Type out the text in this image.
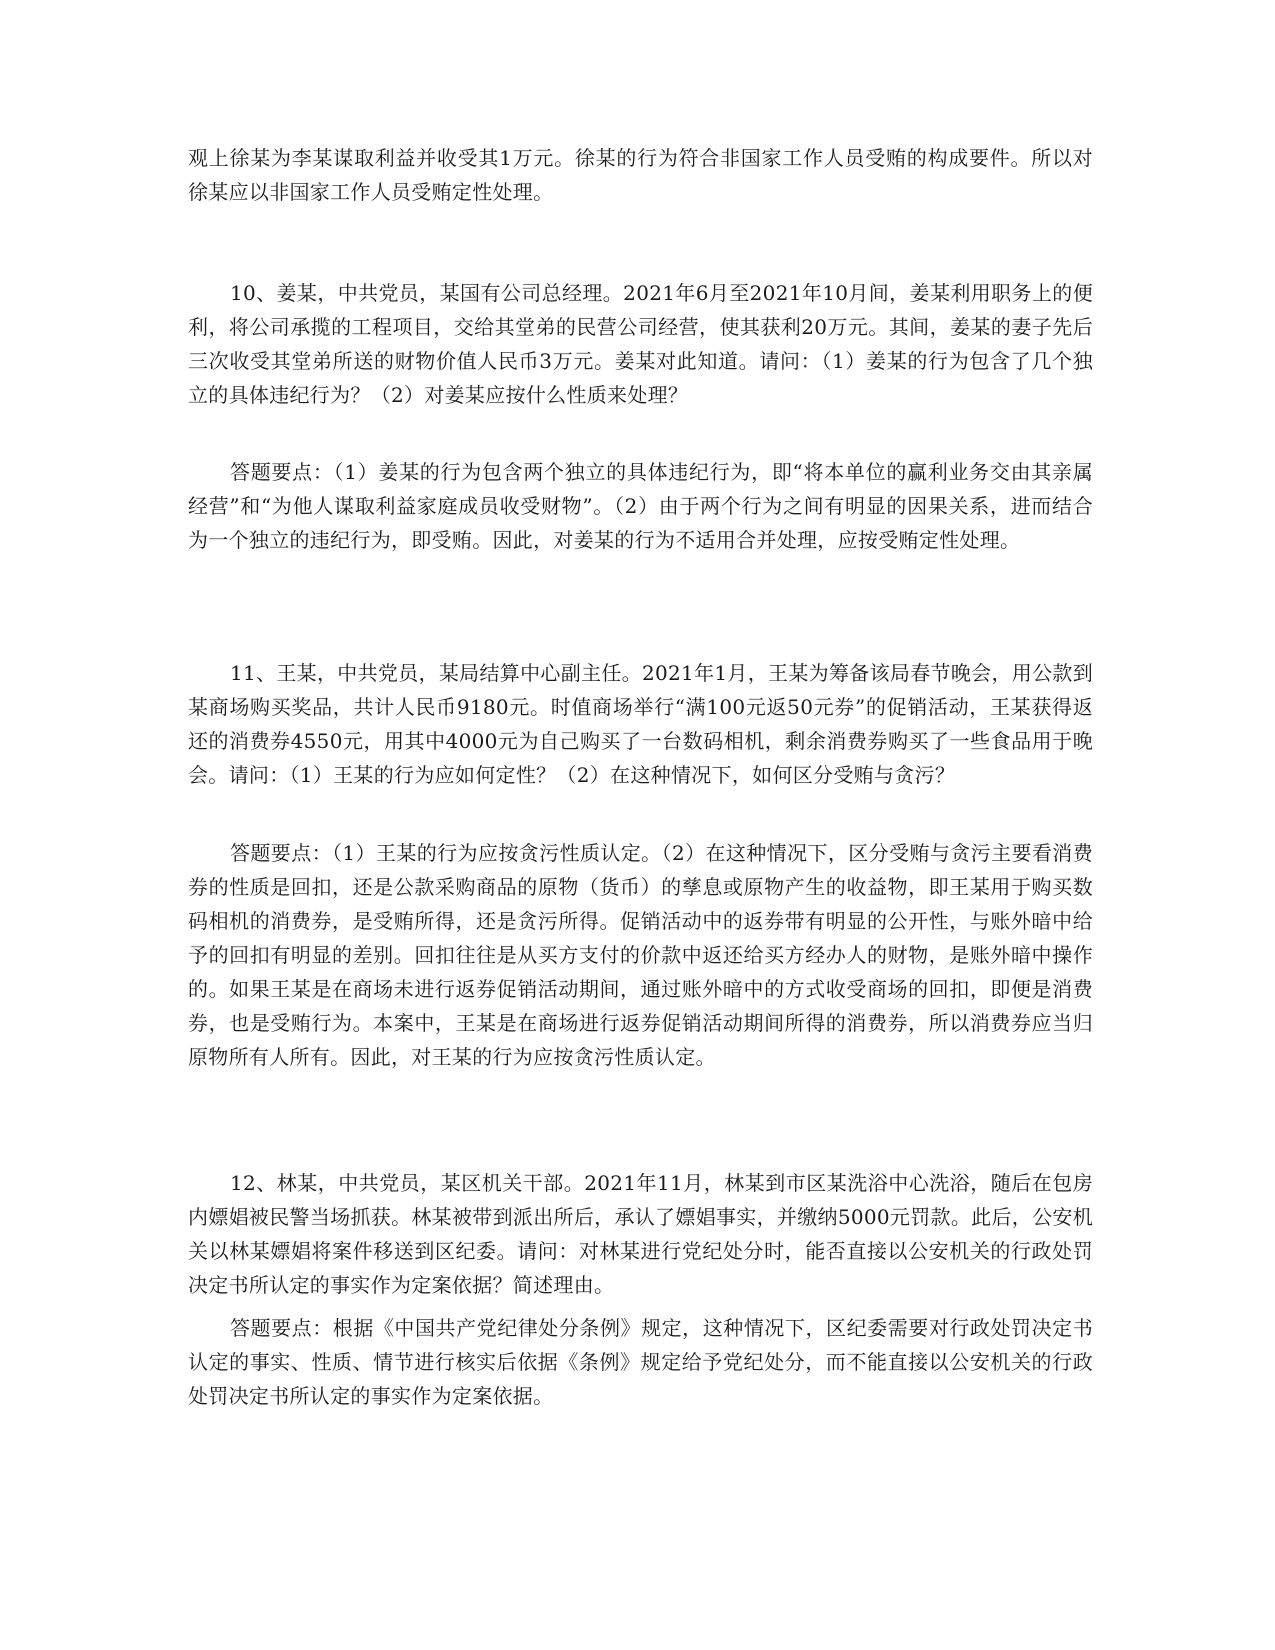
观上徐某为李某谋取利益并收受其1万元。徐某的行为符合非国家工作人员受贿的构成要件。所以对徐某应以非国家工作人员受贿定性处理。

10、姜某，中共党员，某国有公司总经理。2021年6月至2021年10月间，姜某利用职务上的便利，将公司承揽的工程项目，交给其堂弟的民营公司经营，使其获利20万元。其间，姜某的妻子先后三次收受其堂弟所送的财物价值人民币3万元。姜某对此知道。请问：（1）姜某的行为包含了几个独立的具体违纪行为？（2）对姜某应按什么性质来处理？

答题要点：（1）姜某的行为包含两个独立的具体违纪行为，即“将本单位的赢利业务交由其亲属经营”和“为他人谋取利益家庭成员收受财物”。（2）由于两个行为之间有明显的因果关系，进而结合为一个独立的违纪行为，即受贿。因此，对姜某的行为不适用合并处理，应按受贿定性处理。

11、王某，中共党员，某局结算中心副主任。2021年1月，王某为筹备该局春节晚会，用公款到某商场购买奖品，共计人民币9180元。时值商场举行“满100元返50元券”的促销活动，王某获得返还的消费券4550元，用其中4000元为自己购买了一台数码相机，剩余消费券购买了一些食品用于晚会。请问：（1）王某的行为应如何定性？（2）在这种情况下，如何区分受贿与贪污？

答题要点：（1）王某的行为应按贪污性质认定。（2）在这种情况下，区分受贿与贪污主要看消费券的性质是回扣，还是公款采购商品的原物（货币）的孳息或原物产生的收益物，即王某用于购买数码相机的消费券，是受贿所得，还是贪污所得。促销活动中的返券带有明显的公开性，与账外暗中给予的回扣有明显的差别。回扣往往是从买方支付的价款中返还给买方经办人的财物，是账外暗中操作的。如果王某是在商场未进行返券促销活动期间，通过账外暗中的方式收受商场的回扣，即便是消费券，也是受贿行为。本案中，王某是在商场进行返券促销活动期间所得的消费券，所以消费券应当归原物所有人所有。因此，对王某的行为应按贪污性质认定。

12、林某，中共党员，某区机关干部。2021年11月，林某到市区某洗浴中心洗浴，随后在包房内嫖娼被民警当场抓获。林某被带到派出所后，承认了嫖娼事实，并缴纳5000元罚款。此后，公安机关以林某嫖娼将案件移送到区纪委。请问：对林某进行党纪处分时，能否直接以公安机关的行政处罚决定书所认定的事实作为定案依据？简述理由。

答题要点：根据《中国共产党纪律处分条例》规定，这种情况下，区纪委需要对行政处罚决定书认定的事实、性质、情节进行核实后依据《条例》规定给予党纪处分，而不能直接以公安机关的行政处罚决定书所认定的事实作为定案依据。
